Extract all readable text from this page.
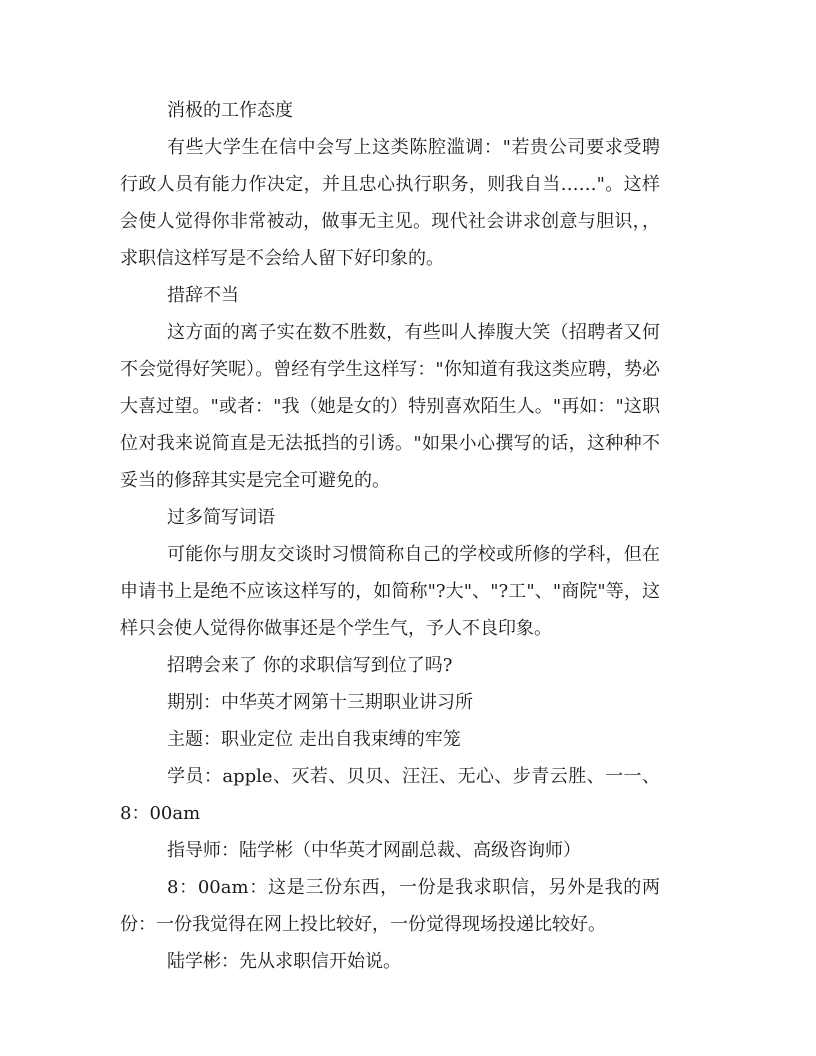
消极的工作态度

有些大学生在信中会写上这类陈腔滥调："若贵公司要求受聘行政人员有能力作决定，并且忠心执行职务，则我自当……"。这样会使人觉得你非常被动，做事无主见。现代社会讲求创意与胆识，，求职信这样写是不会给人留下好印象的。

措辞不当

这方面的离子实在数不胜数，有些叫人捧腹大笑（招聘者又何不会觉得好笑呢）。曾经有学生这样写："你知道有我这类应聘，势必大喜过望。"或者："我（她是女的）特别喜欢陌生人。"再如："这职位对我来说简直是无法抵挡的引诱。"如果小心撰写的话，这种种不妥当的修辞其实是完全可避免的。

过多简写词语

可能你与朋友交谈时习惯简称自己的学校或所修的学科，但在申请书上是绝不应该这样写的，如简称"?大"、"?工"、"商院"等，这样只会使人觉得你做事还是个学生气，予人不良印象。

招聘会来了 你的求职信写到位了吗?

期别：中华英才网第十三期职业讲习所

主题：职业定位 走出自我束缚的牢笼

学员：apple、灭若、贝贝、汪汪、无心、步青云胜、一一、8：00am

指导师：陆学彬（中华英才网副总裁、高级咨询师）

8：00am：这是三份东西，一份是我求职信，另外是我的两份：一份我觉得在网上投比较好，一份觉得现场投递比较好。

陆学彬：先从求职信开始说。
